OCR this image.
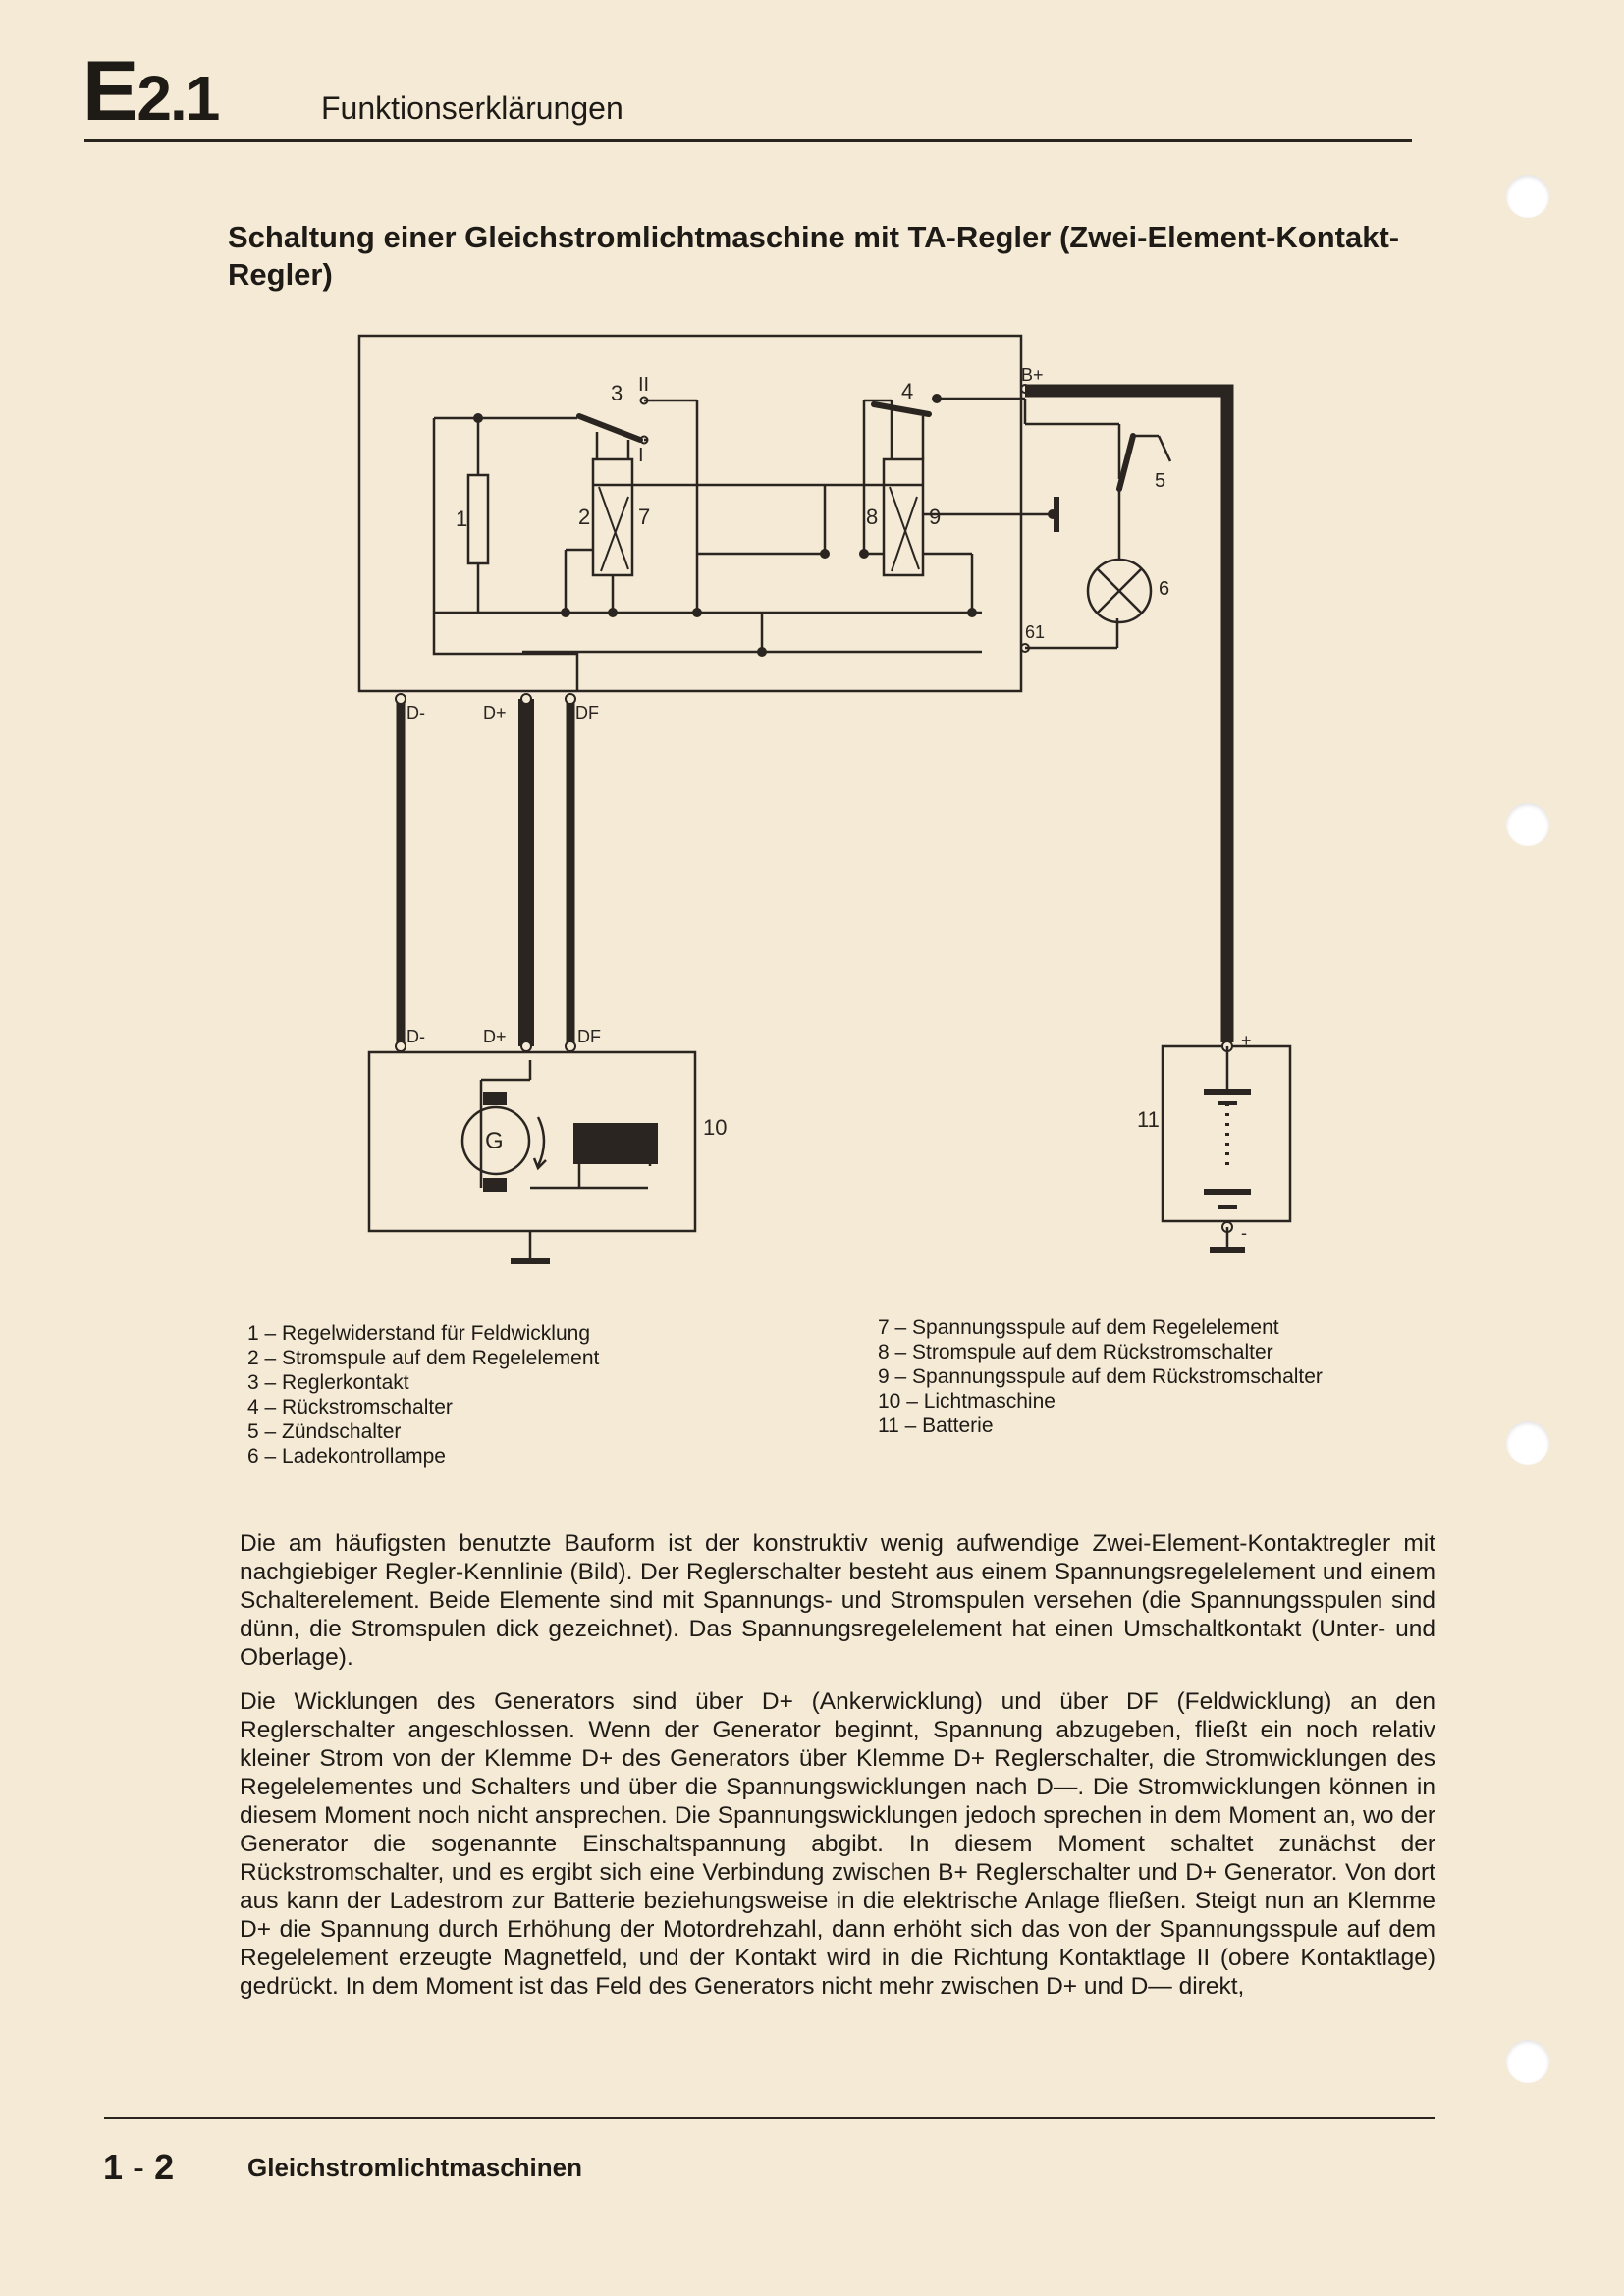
E2.1	Funktionserklärungen
Schaltung einer Gleichstromlichtmaschine mit TA-Regler (Zwei-Element-Kontakt-Regler)
1	2
3	4
5
6
7	8 9
10	11
II
I
B+
61
D-	D+	DF
D-	D+	DF	+
-
G
1 – Regelwiderstand für Feldwicklung
2 – Stromspule auf dem Regelelement
3 – Reglerkontakt
4 – Rückstromschalter
5 – Zündschalter
6 – Ladekontrollampe
7 – Spannungsspule auf dem Regelelement
8 – Stromspule auf dem Rückstromschalter
9 – Spannungsspule auf dem Rückstromschalter
10 – Lichtmaschine
11 – Batterie

Die am häufigsten benutzte Bauform ist der konstruktiv wenig aufwendige Zwei-Element-Kontaktregler mit nachgiebiger Regler-Kennlinie (Bild). Der Reglerschalter besteht aus einem Spannungsregelelement und einem Schalterelement. Beide Elemente sind mit Spannungs- und Stromspulen versehen (die Spannungsspulen sind dünn, die Stromspulen dick gezeichnet). Das Spannungsregelelement hat einen Umschaltkontakt (Unter- und Oberlage).

Die Wicklungen des Generators sind über D+ (Ankerwicklung) und über DF (Feldwicklung) an den Reglerschalter angeschlossen. Wenn der Generator beginnt, Spannung abzugeben, fließt ein noch relativ kleiner Strom von der Klemme D+ des Generators über Klemme D+ Reglerschalter, die Stromwicklungen des Regelelementes und Schalters und über die Spannungswicklungen nach D—. Die Stromwicklungen können in diesem Moment noch nicht ansprechen. Die Spannungswicklungen jedoch sprechen in dem Moment an, wo der Generator die sogenannte Einschaltspannung abgibt. In diesem Moment schaltet zunächst der Rückstromschalter, und es ergibt sich eine Verbindung zwischen B+ Reglerschalter und D+ Generator. Von dort aus kann der Ladestrom zur Batterie beziehungsweise in die elektrische Anlage fließen. Steigt nun an Klemme D+ die Spannung durch Erhöhung der Motordrehzahl, dann erhöht sich das von der Spannungsspule auf dem Regelelement erzeugte Magnetfeld, und der Kontakt wird in die Richtung Kontaktlage II (obere Kontaktlage) gedrückt. In dem Moment ist das Feld des Generators nicht mehr zwischen D+ und D— direkt,

1 - 2	Gleichstromlichtmaschinen
